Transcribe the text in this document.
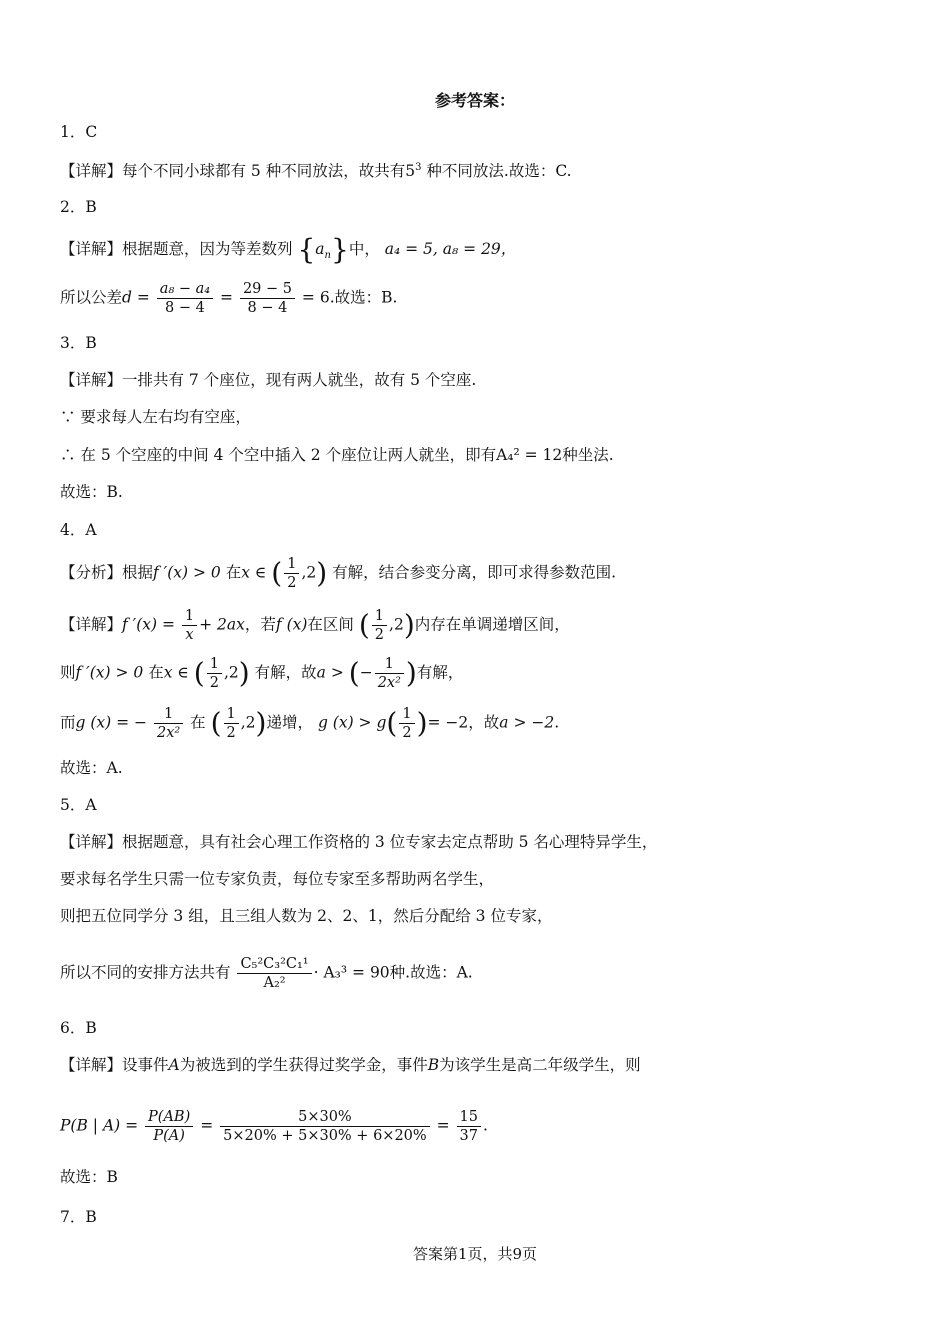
参考答案：
1．C
【详解】每个不同小球都有 5 种不同放法，故共有$5^3$ 种不同放法.故选：C.
2．B
【详解】根据题意，因为等差数列 $\{a_n\}$中， a₄ = 5, a₈ = 29，
所以公差$d = \frac{\text{a₈ − a₄}}{8 - 4} = \frac{29 - 5}{8 - 4} = 6$.故选：B.
3．B
【详解】一排共有 7 个座位，现有两人就坐，故有 5 个空座.
∵ 要求每人左右均有空座，
∴ 在 5 个空座的中间 4 个空中插入 2 个座位让两人就坐，即有A₄² = 12种坐法.
故选：B.
4．A
【分析】根据f ′(x) > 0 在x ∈ ( $\frac{1}{2} ,2$) 有解，结合参变分离，即可求得参数范围.
【详解】f $'(x) = \frac{1}{x} + 2ax$，若f (x)在区间 ( $\frac{1}{2} ,2$)内存在单调递增区间，
则f ′(x) > 0 在x ∈ ( $\frac{1}{2} ,2$) 有解，故a > (− $\frac{1}{\text{2x²}}$ )有解，
而g (x) = − $\frac{1}{\text{2x²}}$ 在 ( $\frac{1}{2} ,2$)递增， g $(x) > g( \frac{1}{2}$ )= −2，故a > −2.
故选：A.
5．A
【详解】根据题意，具有社会心理工作资格的 3 位专家去定点帮助 5 名心理特异学生，
要求每名学生只需一位专家负责，每位专家至多帮助两名学生，
则把五位同学分 3 组，且三组人数为 2、2、1，然后分配给 3 位专家，
所以不同的安排方法共有 $\frac{\text{C₅²C₃²C₁¹}}{\text{A₂²}} \cdot A_3^3 = 90$种.故选：A.
6．B
【详解】设事件A为被选到的学生获得过奖学金，事件B为该学生是高二年级学生，则
P(B | $A) = \frac{P(AB)}{P(A)} = \frac{5\times 30\%}{5\times 20\% + 5\times 30\% + 6\times 20\%} = \frac{15}{37}$ .
故选：B
7．B
答案第1页，共9页
